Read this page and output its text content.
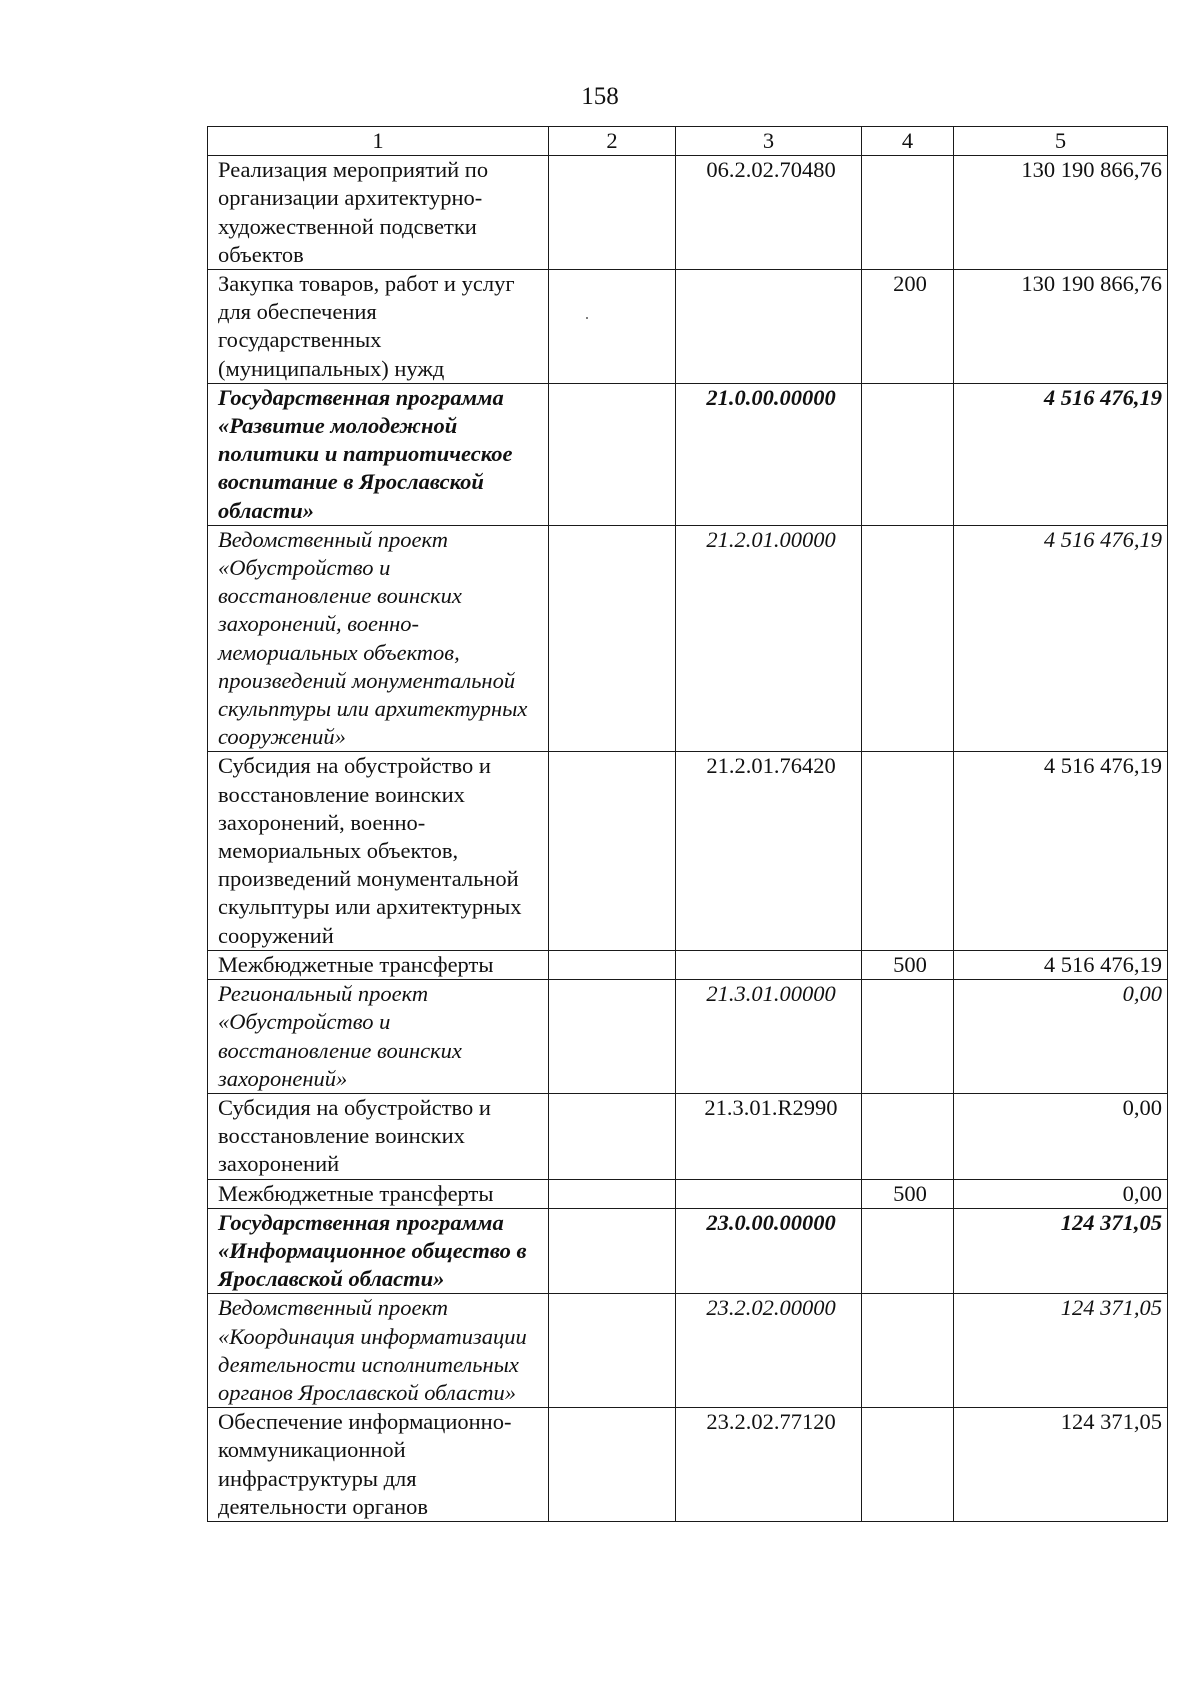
158
1	2	3	4	5
Реализация мероприятий по организации архитектурно-художественной подсветки объектов		06.2.02.70480		130 190 866,76
Закупка товаров, работ и услуг для обеспечения государственных (муниципальных) нужд			200	130 190 866,76
Государственная программа «Развитие молодежной политики и патриотическое воспитание в Ярославской области»		21.0.00.00000		4 516 476,19
Ведомственный проект «Обустройство и восстановление воинских захоронений, военно-мемориальных объектов, произведений монументальной скульптуры или архитектурных сооружений»		21.2.01.00000		4 516 476,19
Субсидия на обустройство и восстановление воинских захоронений, военно-мемориальных объектов, произведений монументальной скульптуры или архитектурных сооружений		21.2.01.76420		4 516 476,19
Межбюджетные трансферты			500	4 516 476,19
Региональный проект «Обустройство и восстановление воинских захоронений»		21.3.01.00000		0,00
Субсидия на обустройство и восстановление воинских захоронений		21.3.01.R2990		0,00
Межбюджетные трансферты			500	0,00
Государственная программа «Информационное общество в Ярославской области»		23.0.00.00000		124 371,05
Ведомственный проект «Координация информатизации деятельности исполнительных органов Ярославской области»		23.2.02.00000		124 371,05
Обеспечение информационно-коммуникационной инфраструктуры для деятельности органов		23.2.02.77120		124 371,05
